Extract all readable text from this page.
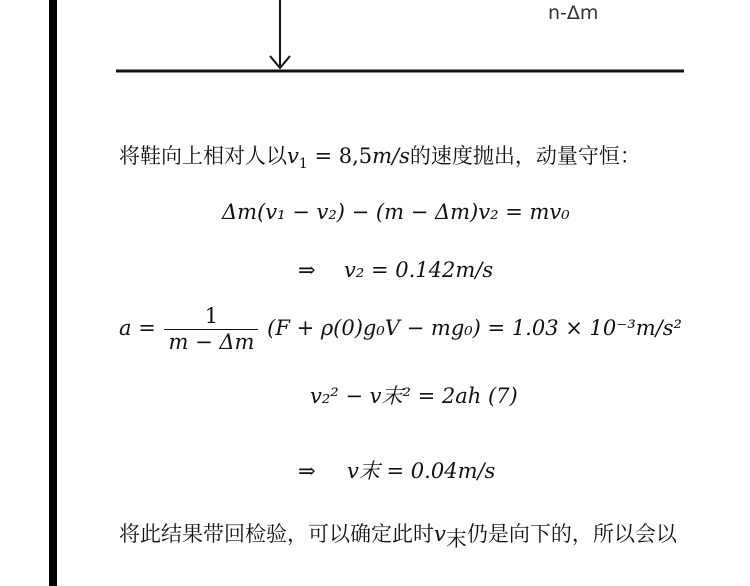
n-Δm
将鞋向上相对人以$v_1 = 8,5m/s$的速度抛出，动量守恒：
Δm(v₁ − v₂) − (m − Δm)v₂ = mv₀
⇒ v₂ = 0.142m/s
$a = \frac{1}{m - \Delta m} (F + \rho(0)g_0V - mg_0) = 1.03 \times 10^{-3}m/s^2$
v₂² − v末² = 2ah (7)
⇒ v末 = 0.04m/s
将此结果带回检验，可以确定此时$v_末$仍是向下的，所以会以
